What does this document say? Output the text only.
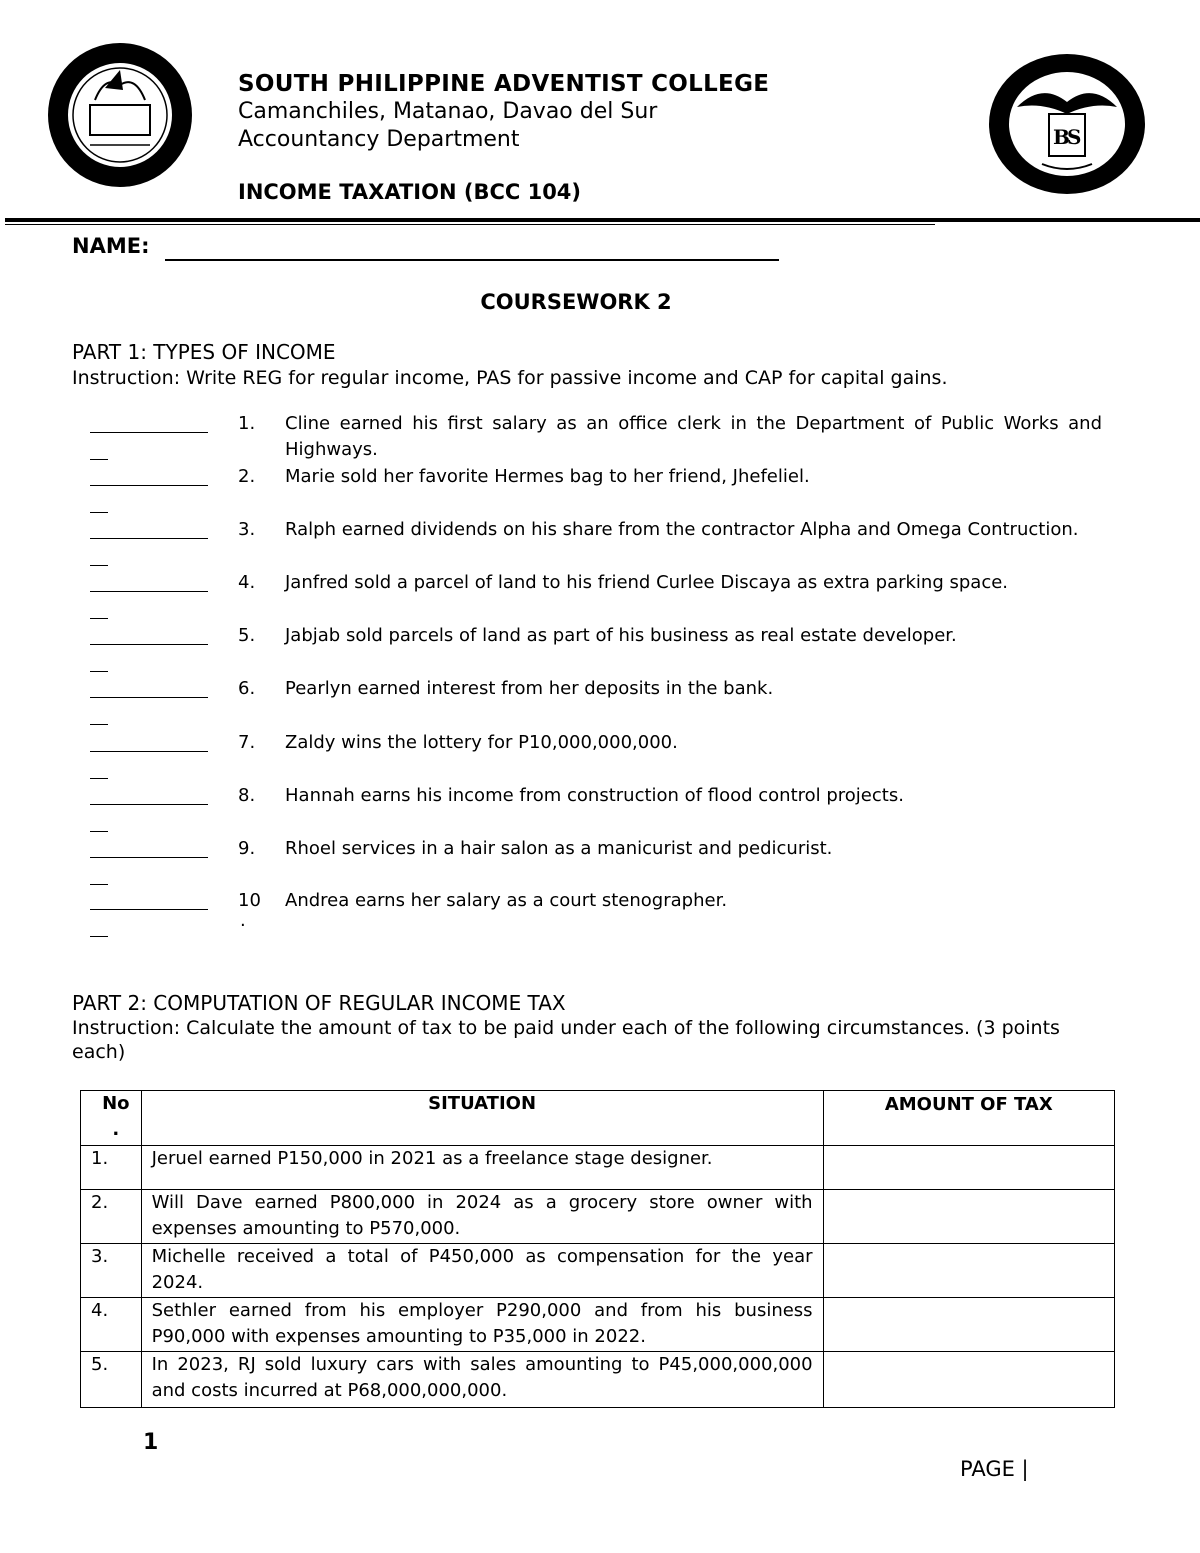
B
S
SOUTH PHILIPPINE ADVENTIST COLLEGE
Camanchiles, Matanao, Davao del Sur
Accountancy Department
INCOME TAXATION (BCC 104)
NAME:
COURSEWORK 2
PART 1: TYPES OF INCOME
Instruction: Write REG for regular income, PAS for passive income and CAP for capital gains.
1. Cline earned his first salary as an office clerk in the Department of Public Works and Highways.
2. Marie sold her favorite Hermes bag to her friend, Jhefeliel.
3. Ralph earned dividends on his share from the contractor Alpha and Omega Contruction.
4. Janfred sold a parcel of land to his friend Curlee Discaya as extra parking space.
5. Jabjab sold parcels of land as part of his business as real estate developer.
6. Pearlyn earned interest from her deposits in the bank.
7. Zaldy wins the lottery for P10,000,000,000.
8. Hannah earns his income from construction of flood control projects.
9. Rhoel services in a hair salon as a manicurist and pedicurist.
10
.
Andrea earns her salary as a court stenographer.
PART 2: COMPUTATION OF REGULAR INCOME TAX
Instruction: Calculate the amount of tax to be paid under each of the following circumstances. (3 points each)
No
.	SITUATION	AMOUNT OF TAX
1.	Jeruel earned P150,000 in 2021 as a freelance stage designer.	
2.	Will Dave earned P800,000 in 2024 as a grocery store owner with expenses amounting to P570,000.	
3.	Michelle received a total of P450,000 as compensation for the year 2024.	
4.	Sethler earned from his employer P290,000 and from his business P90,000 with expenses amounting to P35,000 in 2022.	
5.	In 2023, RJ sold luxury cars with sales amounting to P45,000,000,000 and costs incurred at P68,000,000,000.	
1
PAGE |
